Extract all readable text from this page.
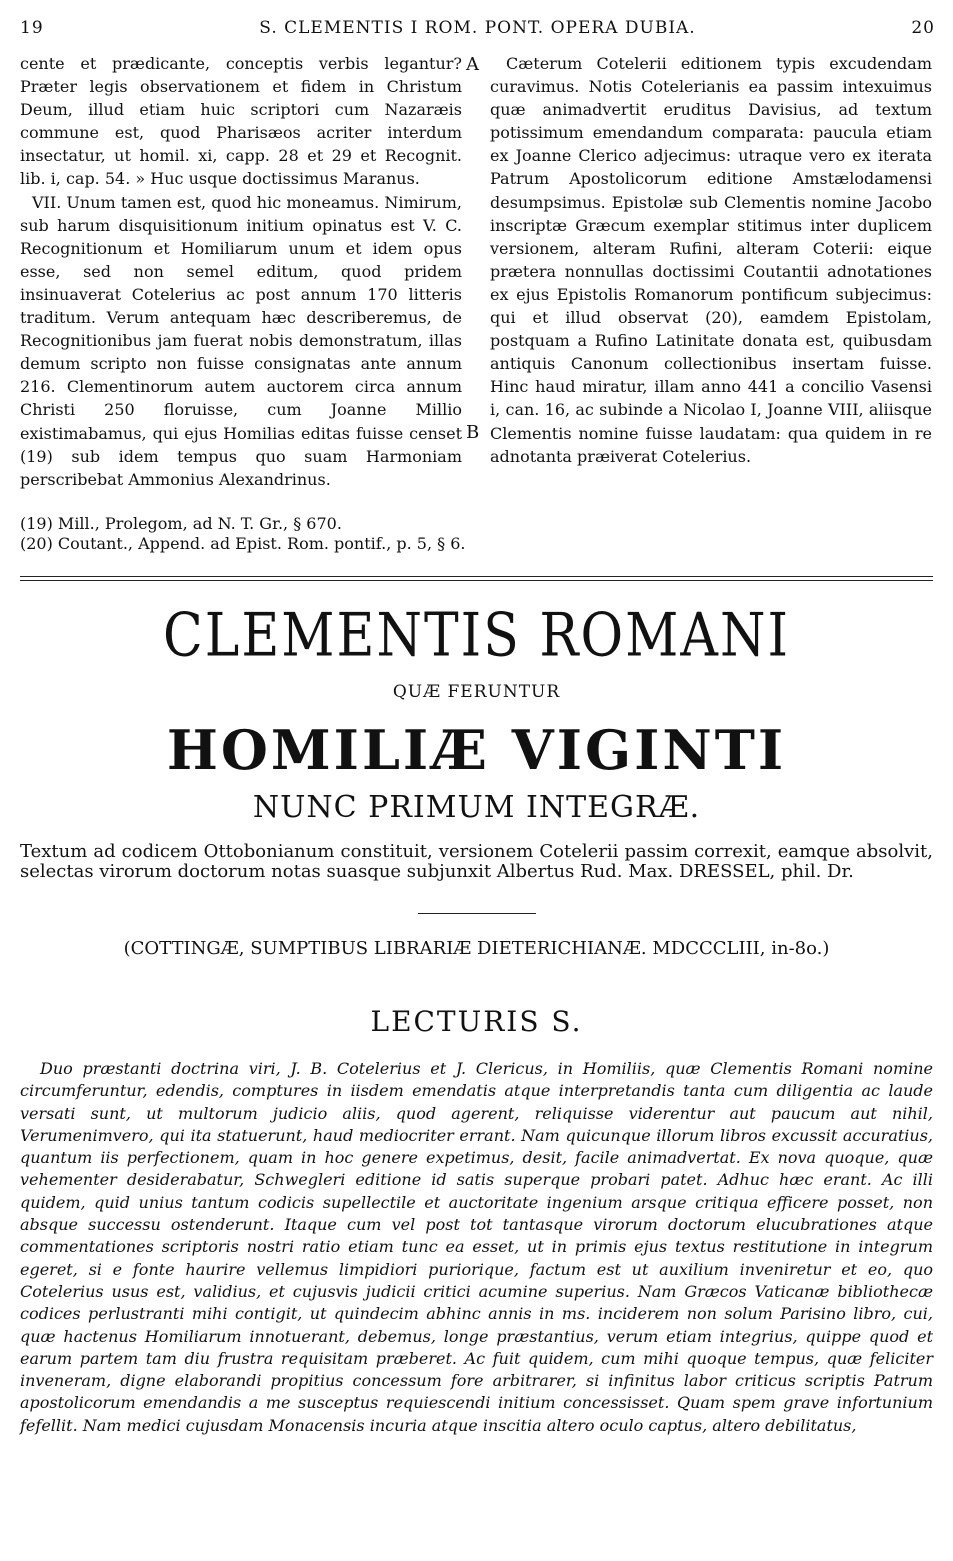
19	S. CLEMENTIS I ROM. PONT. OPERA DUBIA.	20

cente et prædicante, conceptis verbis legantur? Præter legis observationem et fidem in Christum Deum, illud etiam huic scriptori cum Nazaræis commune est, quod Pharisæos acriter interdum insectatur, ut homil. xi, capp. 28 et 29 et Recognit. lib. i, cap. 54. » Huc usque doctissimus Maranus.

VII. Unum tamen est, quod hic moneamus. Nimirum, sub harum disquisitionum initium opinatus est V. C. Recognitionum et Homiliarum unum et idem opus esse, sed non semel editum, quod pridem insinuaverat Cotelerius ac post annum 170 litteris traditum. Verum antequam hæc describeremus, de Recognitionibus jam fuerat nobis demonstratum, illas demum scripto non fuisse consignatas ante annum 216. Clementinorum autem auctorem circa annum Christi 250 floruisse, cum Joanne Millio existimabamus, qui ejus Homilias editas fuisse censet (19) sub idem tempus quo suam Harmoniam perscribebat Ammonius Alexandrinus.

A
B

Cæterum Cotelerii editionem typis excudendam curavimus. Notis Cotelerianis ea passim intexuimus quæ animadvertit eruditus Davisius, ad textum potissimum emendandum comparata: paucula etiam ex Joanne Clerico adjecimus: utraque vero ex iterata Patrum Apostolicorum editione Amstælodamensi desumpsimus. Epistolæ sub Clementis nomine Jacobo inscriptæ Græcum exemplar stitimus inter duplicem versionem, alteram Rufini, alteram Coterii: eique prætera nonnullas doctissimi Coutantii adnotationes ex ejus Epistolis Romanorum pontificum subjecimus: qui et illud observat (20), eamdem Epistolam, postquam a Rufino Latinitate donata est, quibusdam antiquis Canonum collectionibus insertam fuisse. Hinc haud miratur, illam anno 441 a concilio Vasensi i, can. 16, ac subinde a Nicolao I, Joanne VIII, aliisque Clementis nomine fuisse laudatam: qua quidem in re adnotanta præiverat Cotelerius.

(19) Mill., Prolegom, ad N. T. Gr., § 670.
(20) Coutant., Append. ad Epist. Rom. pontif., p. 5, § 6.
CLEMENTIS ROMANI
QUÆ FERUNTUR
HOMILIÆ VIGINTI
NUNC PRIMUM INTEGRÆ.
Textum ad codicem Ottobonianum constituit, versionem Cotelerii passim correxit, eamque absolvit, selectas virorum doctorum notas suasque subjunxit Albertus Rud. Max. DRESSEL, phil. Dr.
(COTTINGÆ, SUMPTIBUS LIBRARIÆ DIETERICHIANÆ. MDCCCLIII, in-8o.)
LECTURIS S.
Duo præstanti doctrina viri, J. B. Cotelerius et J. Clericus, in Homiliis, quæ Clementis Romani nomine circumferuntur, edendis, comptures in iisdem emendatis atque interpretandis tanta cum diligentia ac laude versati sunt, ut multorum judicio aliis, quod agerent, reliquisse viderentur aut paucum aut nihil, Verumenimvero, qui ita statuerunt, haud mediocriter errant. Nam quicunque illorum libros excussit accuratius, quantum iis perfectionem, quam in hoc genere expetimus, desit, facile animadvertat. Ex nova quoque, quæ vehementer desiderabatur, Schwegleri editione id satis superque probari patet. Adhuc hæc erant. Ac illi quidem, quid unius tantum codicis supellectile et auctoritate ingenium arsque critiqua efficere posset, non absque successu ostenderunt. Itaque cum vel post tot tantasque virorum doctorum elucubrationes atque commentationes scriptoris nostri ratio etiam tunc ea esset, ut in primis ejus textus restitutione in integrum egeret, si e fonte haurire vellemus limpidiori puriorique, factum est ut auxilium inveniretur et eo, quo Cotelerius usus est, validius, et cujusvis judicii critici acumine superius. Nam Græcos Vaticanæ bibliothecæ codices perlustranti mihi contigit, ut quindecim abhinc annis in ms. inciderem non solum Parisino libro, cui, quæ hactenus Homiliarum innotuerant, debemus, longe præstantius, verum etiam integrius, quippe quod et earum partem tam diu frustra requisitam præberet. Ac fuit quidem, cum mihi quoque tempus, quæ feliciter inveneram, digne elaborandi propitius concessum fore arbitrarer, si infinitus labor criticus scriptis Patrum apostolicorum emendandis a me susceptus requiescendi initium concessisset. Quam spem grave infortunium fefellit. Nam medici cujusdam Monacensis incuria atque inscitia altero oculo captus, altero debilitatus,
